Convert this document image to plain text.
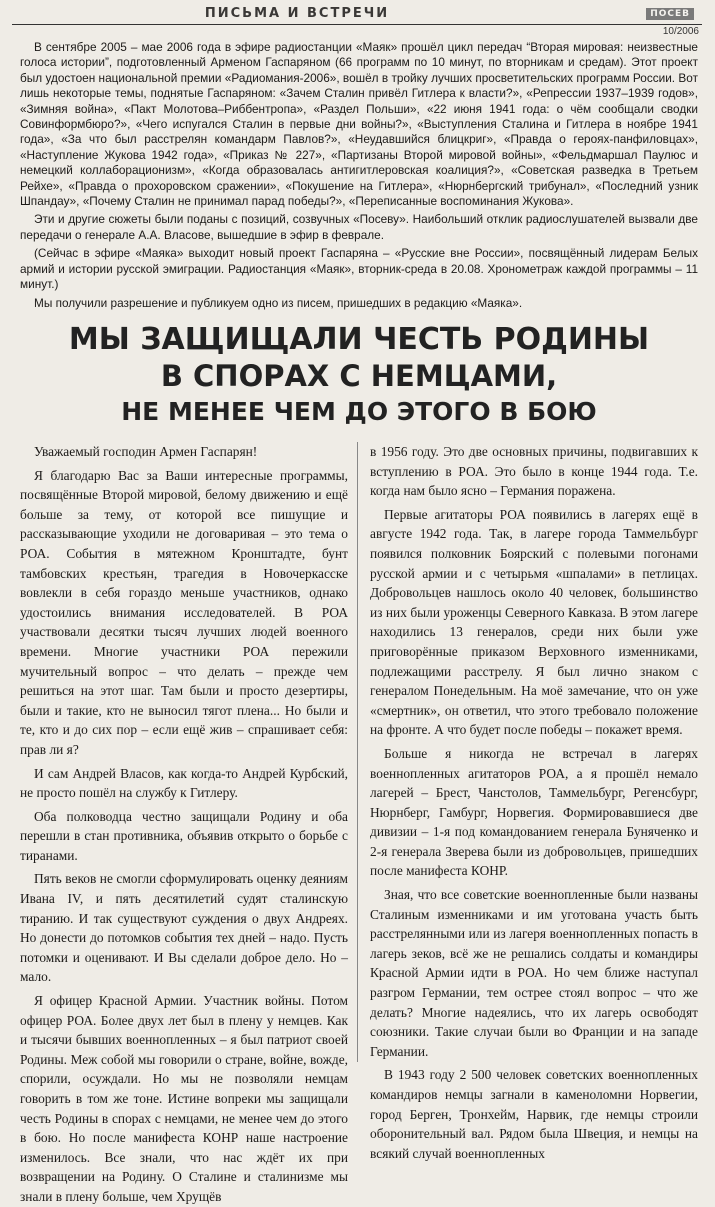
ПИСЬМА И ВСТРЕЧИ	ПОСЕВ
10/2006

В сентябре 2005 – мае 2006 года в эфире радиостанции «Маяк» прошёл цикл передач “Вторая мировая: неизвестные голоса истории”, подготовленный Арменом Гаспаряном (66 программ по 10 минут, по вторникам и средам). Этот проект был удостоен национальной премии «Радиомания-2006», вошёл в тройку лучших просветительских программ России. Вот лишь некоторые темы, поднятые Гаспаряном: «Зачем Сталин привёл Гитлера к власти?», «Репрессии 1937–1939 годов», «Зимняя война», «Пакт Молотова–Риббентропа», «Раздел Польши», «22 июня 1941 года: о чём сообщали сводки Совинформбюро?», «Чего испугался Сталин в первые дни войны?», «Выступления Сталина и Гитлера в ноябре 1941 года», «За что был расстрелян командарм Павлов?», «Неудавшийся блицкриг», «Правда о героях-панфиловцах», «Наступление Жукова 1942 года», «Приказ № 227», «Партизаны Второй мировой войны», «Фельдмаршал Паулюс и немецкий коллаборационизм», «Когда образовалась антигитлеровская коалиция?», «Советская разведка в Третьем Рейхе», «Правда о прохоровском сражении», «Покушение на Гитлера», «Нюрнбергский трибунал», «Последний узник Шпандау», «Почему Сталин не принимал парад победы?», «Переписанные воспоминания Жукова».

Эти и другие сюжеты были поданы с позиций, созвучных «Посеву». Наибольший отклик радиослушателей вызвали две передачи о генерале А.А. Власове, вышедшие в эфир в феврале.

(Сейчас в эфире «Маяка» выходит новый проект Гаспаряна – «Русские вне России», посвящённый лидерам Белых армий и истории русской эмиграции. Радиостанция «Маяк», вторник-среда в 20.08. Хронометраж каждой программы – 11 минут.)

Мы получили разрешение и публикуем одно из писем, пришедших в редакцию «Маяка».

МЫ ЗАЩИЩАЛИ ЧЕСТЬ РОДИНЫ
В СПОРАХ С НЕМЦАМИ,
НЕ МЕНЕЕ ЧЕМ ДО ЭТОГО В БОЮ

Уважаемый господин Армен Гаспарян!

Я благодарю Вас за Ваши интересные программы, посвящённые Второй мировой, белому движению и ещё больше за тему, от которой все пишущие и рассказывающие уходили не договаривая – это тема о РОА. События в мятежном Кронштадте, бунт тамбовских крестьян, трагедия в Новочеркасске вовлекли в себя гораздо меньше участников, однако удостоились внимания исследователей. В РОА участвовали десятки тысяч лучших людей военного времени. Многие участники РОА пережили мучительный вопрос – что делать – прежде чем решиться на этот шаг. Там были и просто дезертиры, были и такие, кто не выносил тягот плена... Но были и те, кто и до сих пор – если ещё жив – спрашивает себя: прав ли я?

И сам Андрей Власов, как когда-то Андрей Курбский, не просто пошёл на службу к Гитлеру.

Оба полководца честно защищали Родину и оба перешли в стан противника, объявив открыто о борьбе с тиранами.

Пять веков не смогли сформулировать оценку деяниям Ивана IV, и пять десятилетий судят сталинскую тиранию. И так существуют суждения о двух Андреях. Но донести до потомков события тех дней – надо. Пусть потомки и оценивают. И Вы сделали доброе дело. Но – мало.

Я офицер Красной Армии. Участник войны. Потом офицер РОА. Более двух лет был в плену у немцев. Как и тысячи бывших военнопленных – я был патриот своей Родины. Меж собой мы говорили о стране, войне, вожде, спорили, осуждали. Но мы не позволяли немцам говорить в том же тоне. Истине вопреки мы защищали честь Родины в спорах с немцами, не менее чем до этого в бою. Но после манифеста КОНР наше настроение изменилось. Все знали, что нас ждёт их при возвращении на Родину. О Сталине и сталинизме мы знали в плену больше, чем Хрущёв

в 1956 году. Это две основных причины, подвигавших к вступлению в РОА. Это было в конце 1944 года. Т.е. когда нам было ясно – Германия поражена.

Первые агитаторы РОА появились в лагерях ещё в августе 1942 года. Так, в лагере города Таммельбург появился полковник Боярский с полевыми погонами русской армии и с четырьмя «шпалами» в петлицах. Добровольцев нашлось около 40 человек, большинство из них были уроженцы Северного Кавказа. В этом лагере находились 13 генералов, среди них были уже приговорённые приказом Верховного изменниками, подлежащими расстрелу. Я был лично знаком с генералом Понедельным. На моё замечание, что он уже «смертник», он ответил, что этого требовало положение на фронте. А что будет после победы – покажет время.

Больше я никогда не встречал в лагерях военнопленных агитаторов РОА, а я прошёл немало лагерей – Брест, Чанстолов, Таммельбург, Регенсбург, Нюрнберг, Гамбург, Норвегия. Формировавшиеся две дивизии – 1-я под командованием генерала Буняченко и 2-я генерала Зверева были из добровольцев, пришедших после манифеста КОНР.

Зная, что все советские военнопленные были названы Сталиным изменниками и им уготована участь быть расстрелянными или из лагеря военнопленных попасть в лагерь зеков, всё же не решались солдаты и командиры Красной Армии идти в РОА. Но чем ближе наступал разгром Германии, тем острее стоял вопрос – что же делать? Многие надеялись, что их лагерь освободят союзники. Такие случаи были во Франции и на западе Германии.

В 1943 году 2 500 человек советских военнопленных командиров немцы загнали в каменоломни Норвегии, город Берген, Тронхейм, Нарвик, где немцы строили оборонительный вал. Рядом была Швеция, и немцы на всякий случай военнопленных
